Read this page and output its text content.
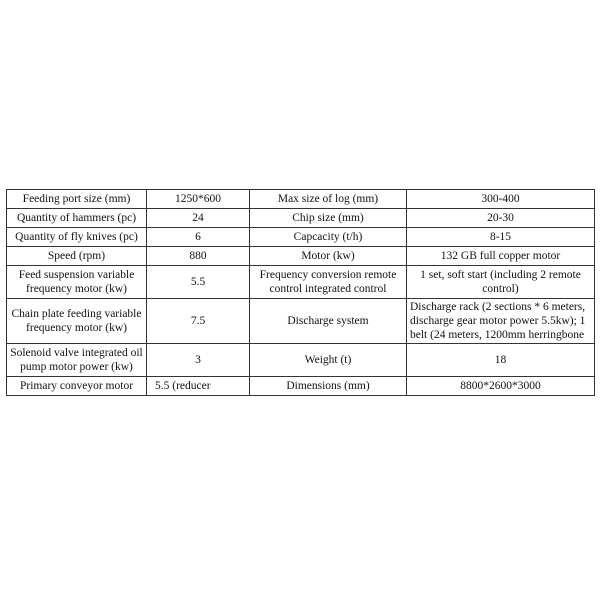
Feeding port size (mm)	1250*600	Max size of log (mm)	300-400
Quantity of hammers (pc)	24	Chip size (mm)	20-30
Quantity of fly knives (pc)	6	Capcacity (t/h)	8-15
Speed (rpm)	880	Motor (kw)	132 GB full copper motor
Feed suspension variable frequency motor (kw)	5.5	Frequency conversion remote control integrated control	1 set, soft start (including 2 remote control)
Chain plate feeding variable frequency motor (kw)	7.5	Discharge system	Discharge rack (2 sections * 6 meters, discharge gear motor power 5.5kw); 1 belt (24 meters, 1200mm herringbone
Solenoid valve integrated oil pump motor power (kw)	3	Weight (t)	18
Primary conveyor motor	5.5 (reducer	Dimensions (mm)	8800*2600*3000
